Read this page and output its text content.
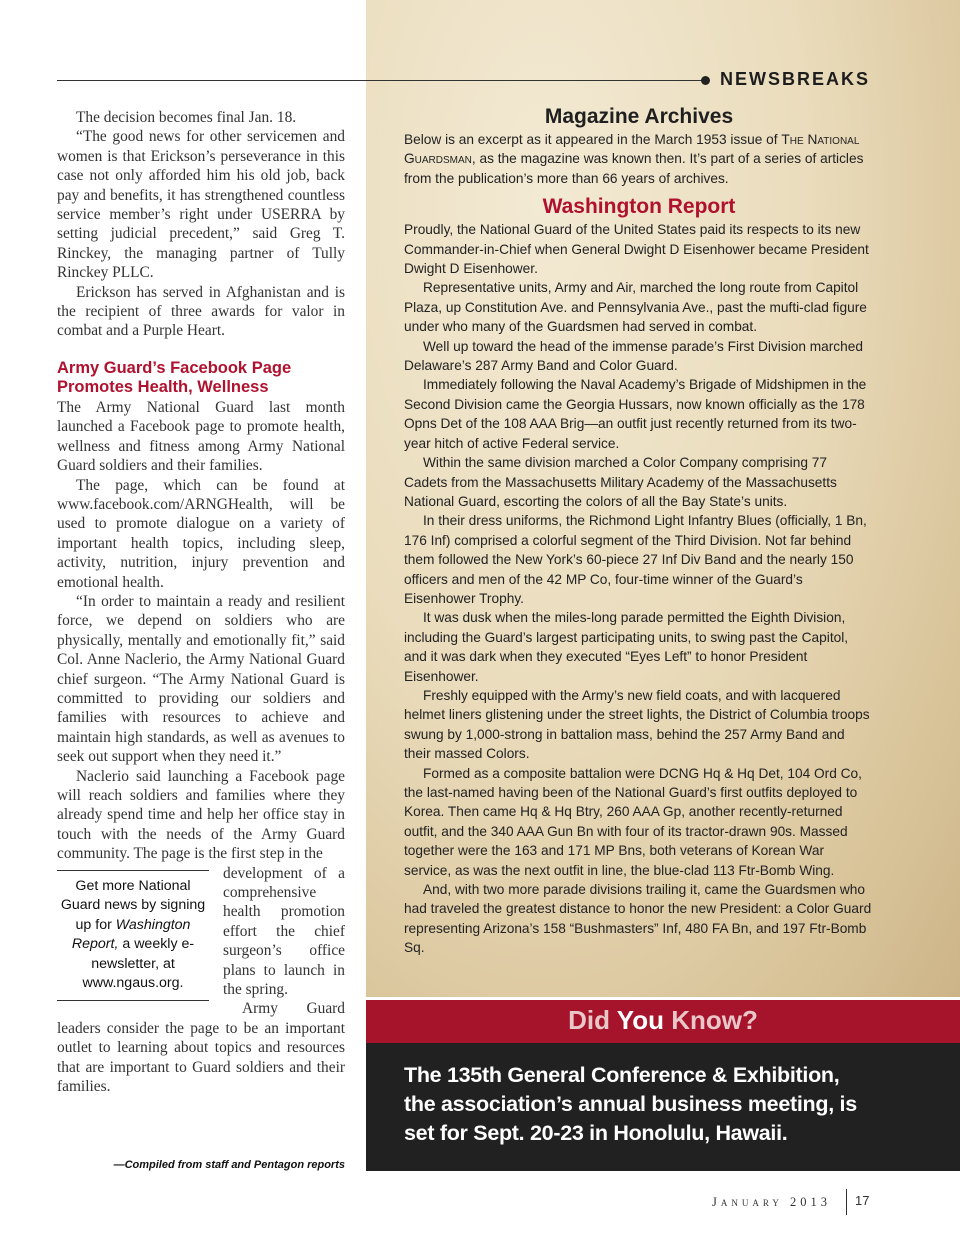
NEWSBREAKS

The decision becomes final Jan. 18.

“The good news for other servicemen and women is that Erickson’s perseverance in this case not only afforded him his old job, back pay and benefits, it has strengthened countless service member’s right under USERRA by setting judicial precedent,” said Greg T. Rinckey, the managing partner of Tully Rinckey PLLC.

Erickson has served in Afghanistan and is the recipient of three awards for valor in combat and a Purple Heart.

Army Guard’s Facebook Page Promotes Health, Wellness

The Army National Guard last month launched a Facebook page to promote health, wellness and fitness among Army National Guard soldiers and their families.

The page, which can be found at www.facebook.com/ARNGHealth, will be used to promote dialogue on a variety of important health topics, including sleep, activity, nutrition, injury prevention and emotional health.

“In order to maintain a ready and resilient force, we depend on soldiers who are physically, mentally and emotionally fit,” said Col. Anne Naclerio, the Army National Guard chief surgeon. “The Army National Guard is committed to providing our soldiers and families with resources to achieve and maintain high standards, as well as avenues to seek out support when they need it.”

Naclerio said launching a Facebook page will reach soldiers and families where they already spend time and help her office stay in touch with the needs of the Army Guard community. The page is the first step in the

Get more National Guard news by signing up for Washington Report, a weekly e-newsletter, at www.ngaus.org.

development of a comprehensive health promotion effort the chief surgeon’s office plans to launch in the spring.

Army Guard leaders consider the page to be an important outlet to learning about topics and resources that are important to Guard soldiers and their families.

—Compiled from staff and Pentagon reports
Magazine Archives

Below is an excerpt as it appeared in the March 1953 issue of The National Guardsman, as the magazine was known then. It’s part of a series of articles from the publication’s more than 66 years of archives.

Washington Report

Proudly, the National Guard of the United States paid its respects to its new Commander-in-Chief when General Dwight D Eisenhower became President Dwight D Eisenhower.

Representative units, Army and Air, marched the long route from Capitol Plaza, up Constitution Ave. and Pennsylvania Ave., past the mufti-clad figure under who many of the Guardsmen had served in combat.

Well up toward the head of the immense parade’s First Division marched Delaware’s 287 Army Band and Color Guard.

Immediately following the Naval Academy’s Brigade of Midshipmen in the Second Division came the Georgia Hussars, now known officially as the 178 Opns Det of the 108 AAA Brig—an outfit just recently returned from its two-year hitch of active Federal service.

Within the same division marched a Color Company comprising 77 Cadets from the Massachusetts Military Academy of the Massachusetts National Guard, escorting the colors of all the Bay State’s units.

In their dress uniforms, the Richmond Light Infantry Blues (officially, 1 Bn, 176 Inf) comprised a colorful segment of the Third Division. Not far behind them followed the New York’s 60-piece 27 Inf Div Band and the nearly 150 officers and men of the 42 MP Co, four-time winner of the Guard’s Eisenhower Trophy.

It was dusk when the miles-long parade permitted the Eighth Division, including the Guard’s largest participating units, to swing past the Capitol, and it was dark when they executed “Eyes Left” to honor President Eisenhower.

Freshly equipped with the Army’s new field coats, and with lacquered helmet liners glistening under the street lights, the District of Columbia troops swung by 1,000-strong in battalion mass, behind the 257 Army Band and their massed Colors.

Formed as a composite battalion were DCNG Hq & Hq Det, 104 Ord Co, the last-named having been of the National Guard’s first outfits deployed to Korea. Then came Hq & Hq Btry, 260 AAA Gp, another recently-returned outfit, and the 340 AAA Gun Bn with four of its tractor-drawn 90s. Massed together were the 163 and 171 MP Bns, both veterans of Korean War service, as was the next outfit in line, the blue-clad 113 Ftr-Bomb Wing.

And, with two more parade divisions trailing it, came the Guardsmen who had traveled the greatest distance to honor the new President: a Color Guard representing Arizona’s 158 “Bushmasters” Inf, 480 FA Bn, and 197 Ftr-Bomb Sq.

Did You Know?
The 135th General Conference & Exhibition, the association’s annual business meeting, is set for Sept. 20-23 in Honolulu, Hawaii.
January 2013 17
